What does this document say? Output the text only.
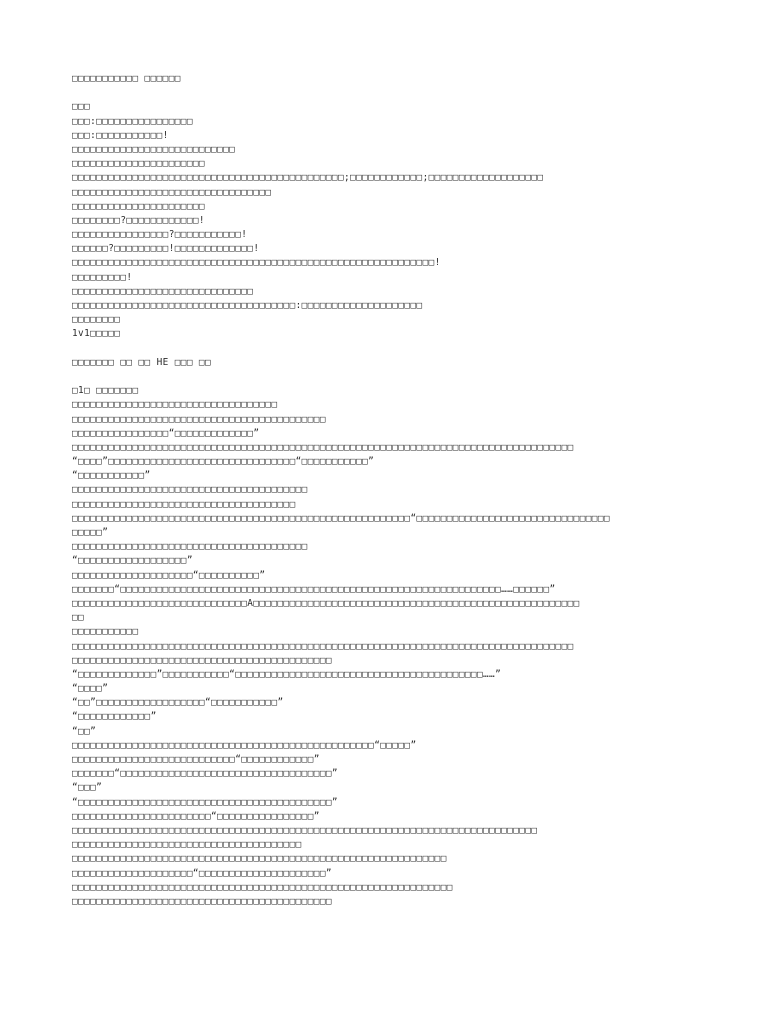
□□□□□□□□□□□ □□□□□□
□□□
□□□:□□□□□□□□□□□□□□□□
□□□:□□□□□□□□□□□!
□□□□□□□□□□□□□□□□□□□□□□□□□□□
□□□□□□□□□□□□□□□□□□□□□□
□□□□□□□□□□□□□□□□□□□□□□□□□□□□□□□□□□□□□□□□□□□□□;□□□□□□□□□□□□;□□□□□□□□□□□□□□□□□□□
□□□□□□□□□□□□□□□□□□□□□□□□□□□□□□□□□
□□□□□□□□□□□□□□□□□□□□□□
□□□□□□□□?□□□□□□□□□□□□!
□□□□□□□□□□□□□□□□?□□□□□□□□□□□!
□□□□□□?□□□□□□□□□!□□□□□□□□□□□□□!
□□□□□□□□□□□□□□□□□□□□□□□□□□□□□□□□□□□□□□□□□□□□□□□□□□□□□□□□□□□□!
□□□□□□□□□!
□□□□□□□□□□□□□□□□□□□□□□□□□□□□□□
□□□□□□□□□□□□□□□□□□□□□□□□□□□□□□□□□□□□□:□□□□□□□□□□□□□□□□□□□□
□□□□□□□□
1v1□□□□□
□□□□□□□ □□ □□ HE □□□ □□
□1□ □□□□□□□
□□□□□□□□□□□□□□□□□□□□□□□□□□□□□□□□□□
□□□□□□□□□□□□□□□□□□□□□□□□□□□□□□□□□□□□□□□□□□
□□□□□□□□□□□□□□□□“□□□□□□□□□□□□□”
□□□□□□□□□□□□□□□□□□□□□□□□□□□□□□□□□□□□□□□□□□□□□□□□□□□□□□□□□□□□□□□□□□□□□□□□□□□□□□□□□□□
“□□□□”□□□□□□□□□□□□□□□□□□□□□□□□□□□□□□□“□□□□□□□□□□□”
“□□□□□□□□□□□”
□□□□□□□□□□□□□□□□□□□□□□□□□□□□□□□□□□□□□□□
□□□□□□□□□□□□□□□□□□□□□□□□□□□□□□□□□□□□□
□□□□□□□□□□□□□□□□□□□□□□□□□□□□□□□□□□□□□□□□□□□□□□□□□□□□□□□□“□□□□□□□□□□□□□□□□□□□□□□□□□□□□□□□□
□□□□□”
□□□□□□□□□□□□□□□□□□□□□□□□□□□□□□□□□□□□□□□
“□□□□□□□□□□□□□□□□□□”
□□□□□□□□□□□□□□□□□□□□“□□□□□□□□□□”
□□□□□□□“□□□□□□□□□□□□□□□□□□□□□□□□□□□□□□□□□□□□□□□□□□□□□□□□□□□□□□□□□□□□□□□……□□□□□□”
□□□□□□□□□□□□□□□□□□□□□□□□□□□□□A□□□□□□□□□□□□□□□□□□□□□□□□□□□□□□□□□□□□□□□□□□□□□□□□□□□□□□
□□
□□□□□□□□□□□
□□□□□□□□□□□□□□□□□□□□□□□□□□□□□□□□□□□□□□□□□□□□□□□□□□□□□□□□□□□□□□□□□□□□□□□□□□□□□□□□□□□
□□□□□□□□□□□□□□□□□□□□□□□□□□□□□□□□□□□□□□□□□□□
“□□□□□□□□□□□□□”□□□□□□□□□□□“□□□□□□□□□□□□□□□□□□□□□□□□□□□□□□□□□□□□□□□□□……”
“□□□□”
“□□”□□□□□□□□□□□□□□□□□□“□□□□□□□□□□□”
“□□□□□□□□□□□□”
“□□”
□□□□□□□□□□□□□□□□□□□□□□□□□□□□□□□□□□□□□□□□□□□□□□□□□□“□□□□□”
□□□□□□□□□□□□□□□□□□□□□□□□□□□“□□□□□□□□□□□□”
□□□□□□□“□□□□□□□□□□□□□□□□□□□□□□□□□□□□□□□□□□□”
“□□□”
“□□□□□□□□□□□□□□□□□□□□□□□□□□□□□□□□□□□□□□□□□□”
□□□□□□□□□□□□□□□□□□□□□□□“□□□□□□□□□□□□□□□□”
□□□□□□□□□□□□□□□□□□□□□□□□□□□□□□□□□□□□□□□□□□□□□□□□□□□□□□□□□□□□□□□□□□□□□□□□□□□□□
□□□□□□□□□□□□□□□□□□□□□□□□□□□□□□□□□□□□□□
□□□□□□□□□□□□□□□□□□□□□□□□□□□□□□□□□□□□□□□□□□□□□□□□□□□□□□□□□□□□□□
□□□□□□□□□□□□□□□□□□□□“□□□□□□□□□□□□□□□□□□□□□”
□□□□□□□□□□□□□□□□□□□□□□□□□□□□□□□□□□□□□□□□□□□□□□□□□□□□□□□□□□□□□□□
□□□□□□□□□□□□□□□□□□□□□□□□□□□□□□□□□□□□□□□□□□□
